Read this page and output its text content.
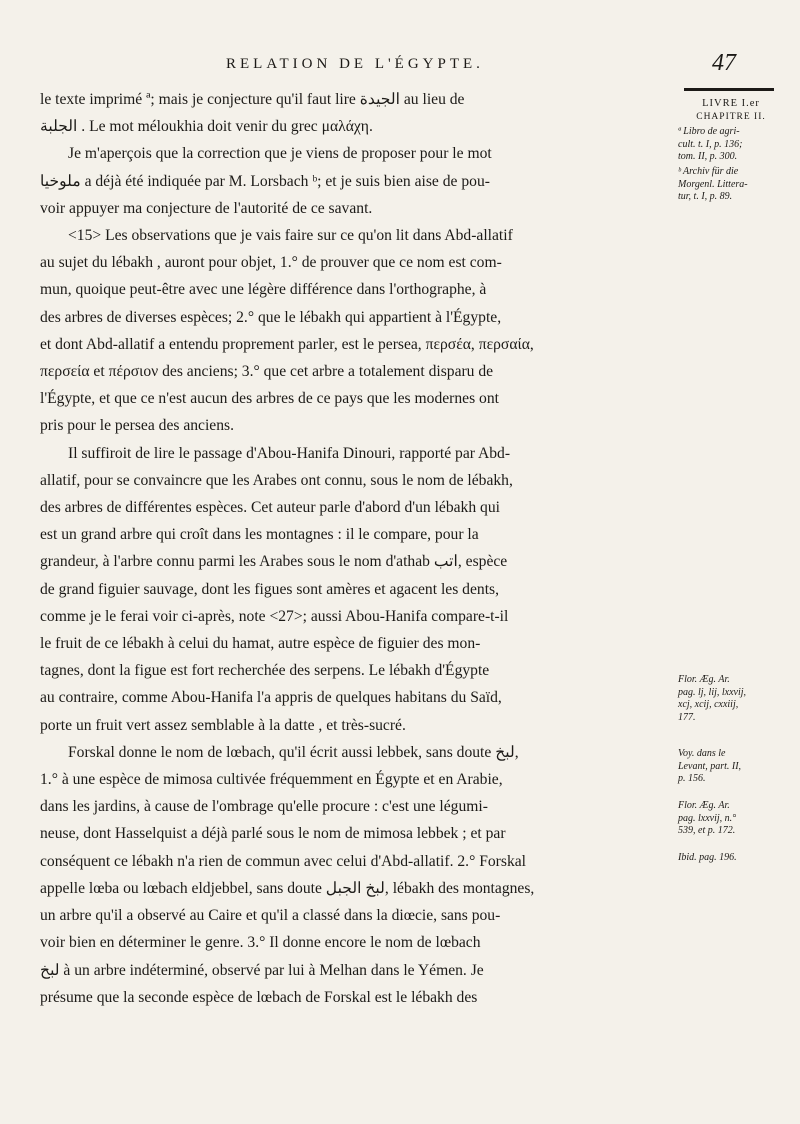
RELATION DE L'ÉGYPTE.	47

le texte imprimé ª; mais je conjecture qu'il faut lire ﺍﻟﺠﻴﺪﺓ au lieu de
ﺍﻟﺠﻠﺒﺔ . Le mot méloukhia doit venir du grec μαλάχη.
Je m'aperçois que la correction que je viens de proposer pour le mot
ﻣﻠﻮﺧﻴﺎ a déjà été indiquée par M. Lorsbach ᵇ; et je suis bien aise de pou-
voir appuyer ma conjecture de l'autorité de ce savant.

<15> Les observations que je vais faire sur ce qu'on lit dans Abd-allatif
au sujet du lébakh , auront pour objet, 1.° de prouver que ce nom est com-
mun, quoique peut-être avec une légère différence dans l'orthographe, à
des arbres de diverses espèces; 2.° que le lébakh qui appartient à l'Égypte,
et dont Abd-allatif a entendu proprement parler, est le persea, περσέα, περσαία,
περσεία et πέρσιον des anciens; 3.° que cet arbre a totalement disparu de
l'Égypte, et que ce n'est aucun des arbres de ce pays que les modernes ont
pris pour le persea des anciens.

Il suffiroit de lire le passage d'Abou-Hanifa Dinouri, rapporté par Abd-
allatif, pour se convaincre que les Arabes ont connu, sous le nom de lébakh,
des arbres de différentes espèces. Cet auteur parle d'abord d'un lébakh qui
est un grand arbre qui croît dans les montagnes : il le compare, pour la
grandeur, à l'arbre connu parmi les Arabes sous le nom d'athab ﺍﺗﺐ, espèce
de grand figuier sauvage, dont les figues sont amères et agacent les dents,
comme je le ferai voir ci-après, note <27>; aussi Abou-Hanifa compare-t-il
le fruit de ce lébakh à celui du hamat, autre espèce de figuier des mon-
tagnes, dont la figue est fort recherchée des serpens. Le lébakh d'Égypte
au contraire, comme Abou-Hanifa l'a appris de quelques habitans du Saïd,
porte un fruit vert assez semblable à la datte , et très-sucré.

Forskal donne le nom de lœbach, qu'il écrit aussi lebbek, sans doute ﻟﺒﺦ,
1.° à une espèce de mimosa cultivée fréquemment en Égypte et en Arabie,
dans les jardins, à cause de l'ombrage qu'elle procure : c'est une légumi-
neuse, dont Hasselquist a déjà parlé sous le nom de mimosa lebbek ; et par
conséquent ce lébakh n'a rien de commun avec celui d'Abd-allatif. 2.° Forskal
appelle lœba ou lœbach eldjebbel, sans doute ﻟﺒﺦ ﺍﻟﺠﺒﻞ, lébakh des montagnes,
un arbre qu'il a observé au Caire et qu'il a classé dans la diœcie, sans pou-
voir bien en déterminer le genre. 3.° Il donne encore le nom de lœbach
ﻟﺒﺦ à un arbre indéterminé, observé par lui à Melhan dans le Yémen. Je
présume que la seconde espèce de lœbach de Forskal est le lébakh des

LIVRE I.er
CHAPITRE II.
ª Libro de agri-
cult. t. I, p. 136;
tom. II, p. 300.
ᵇ Archiv für die
Morgenl. Littera-
tur, t. I, p. 89.
Flor. Æg. Ar.
pag. lj, lij, lxxvij,
xcj, xcij, cxxiij,
177.
Voy. dans le
Levant, part. II,
p. 156.
Flor. Æg. Ar.
pag. lxxvij, n.°
539, et p. 172.
Ibid. pag. 196.
